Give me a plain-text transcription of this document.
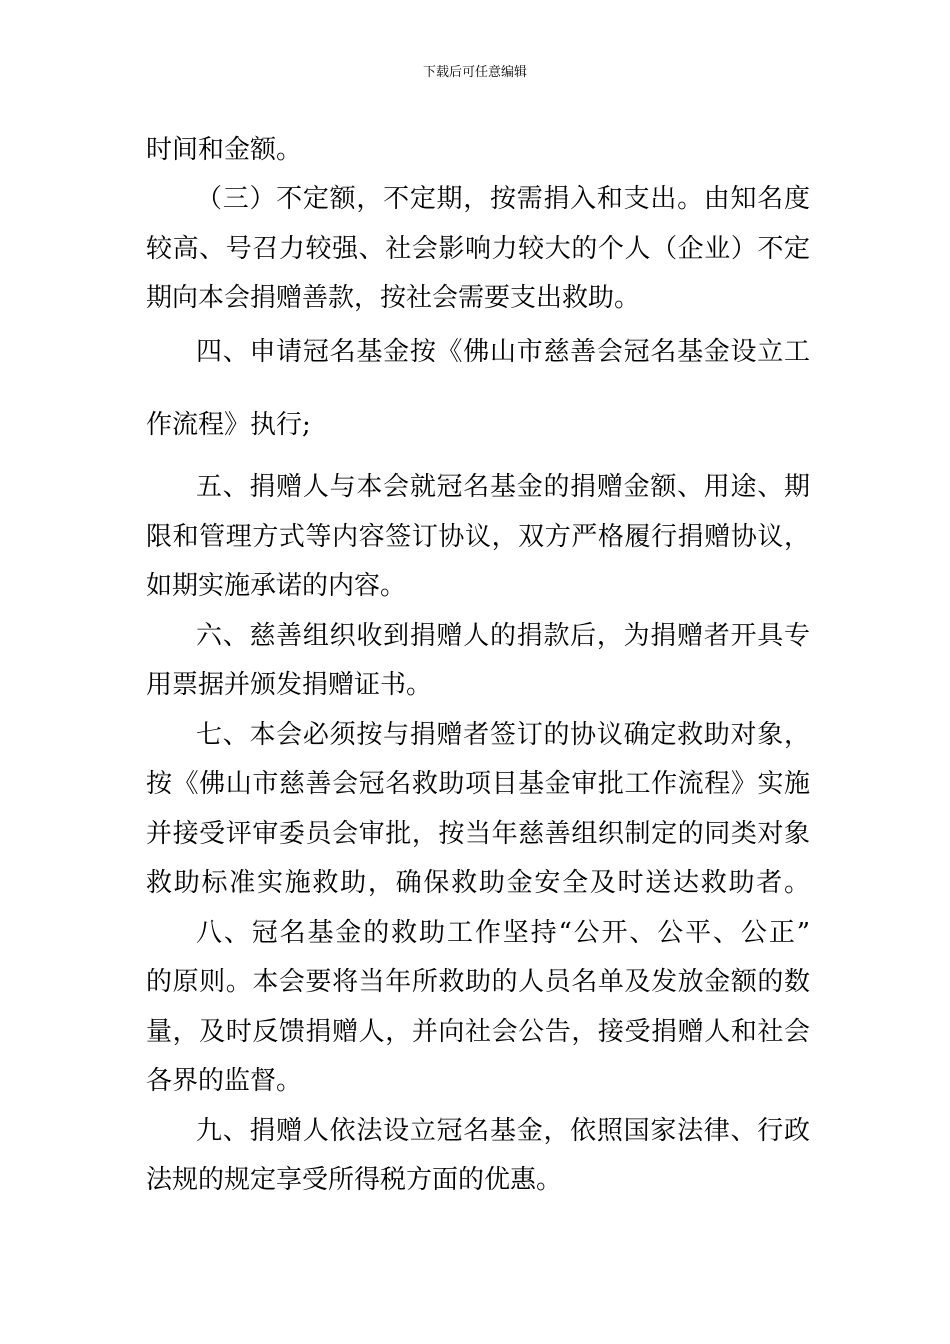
下载后可任意编辑
时间和金额。
（三）不定额，不定期，按需捐入和支出。由知名度
较高、号召力较强、社会影响力较大的个人（企业）不定
期向本会捐赠善款，按社会需要支出救助。
四、申请冠名基金按《佛山市慈善会冠名基金设立工
作流程》执行;
五、捐赠人与本会就冠名基金的捐赠金额、用途、期
限和管理方式等内容签订协议，双方严格履行捐赠协议，
如期实施承诺的内容。
六、慈善组织收到捐赠人的捐款后，为捐赠者开具专
用票据并颁发捐赠证书。
七、本会必须按与捐赠者签订的协议确定救助对象，
按《佛山市慈善会冠名救助项目基金审批工作流程》实施
并接受评审委员会审批，按当年慈善组织制定的同类对象
救助标准实施救助，确保救助金安全及时送达救助者。
八、冠名基金的救助工作坚持“公开、公平、公正”
的原则。本会要将当年所救助的人员名单及发放金额的数
量，及时反馈捐赠人，并向社会公告，接受捐赠人和社会
各界的监督。
九、捐赠人依法设立冠名基金，依照国家法律、行政
法规的规定享受所得税方面的优惠。
